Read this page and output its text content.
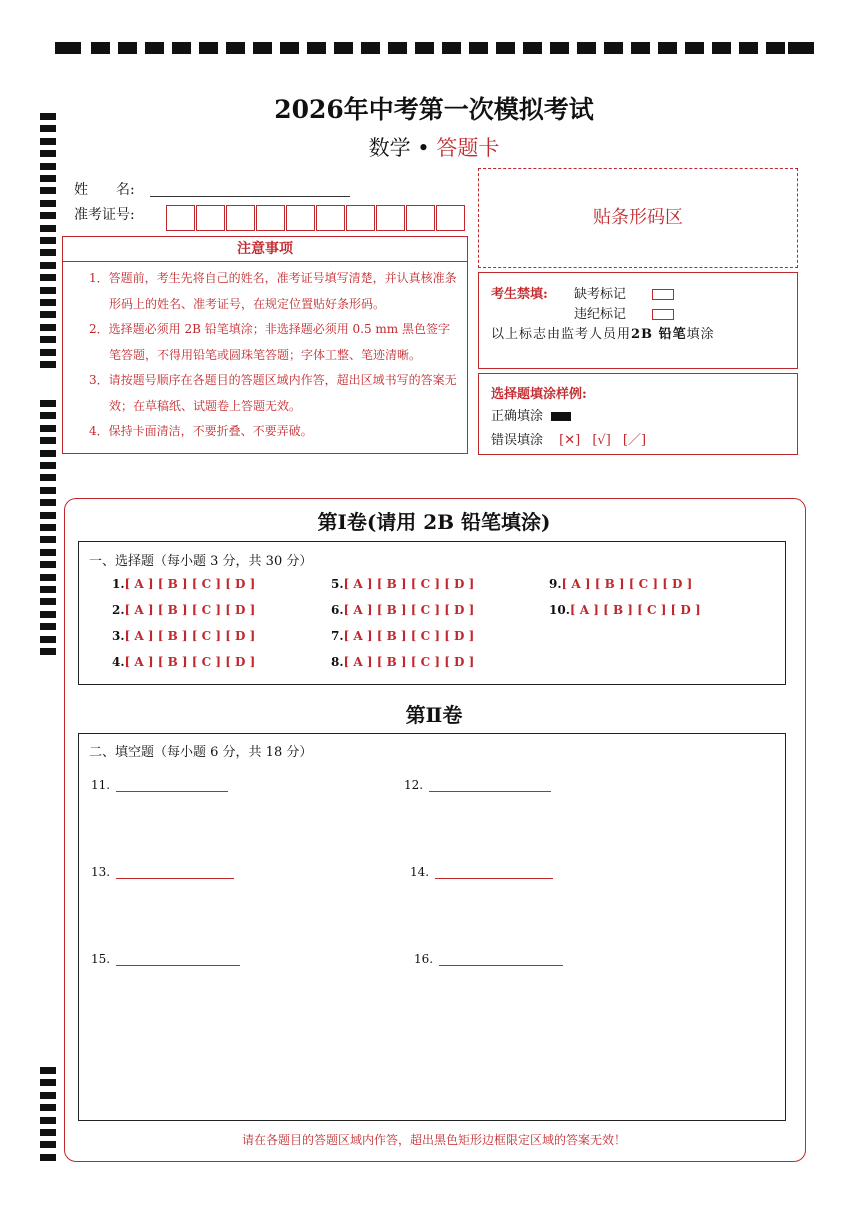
2026年中考第一次模拟考试
数学 • 答题卡
姓　　名:
准考证号:
注意事项

1．答题前，考生先将自己的姓名，准考证号填写清楚，并认真核准条形码上的姓名、准考证号，在规定位置贴好条形码。

2．选择题必须用 2B 铅笔填涂；非选择题必须用 0.5 mm 黑色签字笔答题，不得用铅笔或圆珠笔答题；字体工整、笔迹清晰。

3．请按题号顺序在各题目的答题区域内作答，超出区域书写的答案无效；在草稿纸、试题卷上答题无效。

4．保持卡面清洁，不要折叠、不要弄破。

贴条形码区
考生禁填: 缺考标记
违纪标记
以上标志由监考人员用2B 铅笔填涂
选择题填涂样例:
正确填涂
错误填涂 [✕] [√] [／]
第Ⅰ卷(请用 2B 铅笔填涂)
一、选择题（每小题 3 分，共 30 分）
1.[ A ] [ B ] [ C ] [ D ]
2.[ A ] [ B ] [ C ] [ D ]
3.[ A ] [ B ] [ C ] [ D ]
4.[ A ] [ B ] [ C ] [ D ]
5.[ A ] [ B ] [ C ] [ D ]
6.[ A ] [ B ] [ C ] [ D ]
7.[ A ] [ B ] [ C ] [ D ]
8.[ A ] [ B ] [ C ] [ D ]
9.[ A ] [ B ] [ C ] [ D ]
10.[ A ] [ B ] [ C ] [ D ]
第Ⅱ卷
二、填空题（每小题 6 分，共 18 分）
11.	12.
13.	14.
15.	16.
请在各题目的答题区域内作答，超出黑色矩形边框限定区域的答案无效！
